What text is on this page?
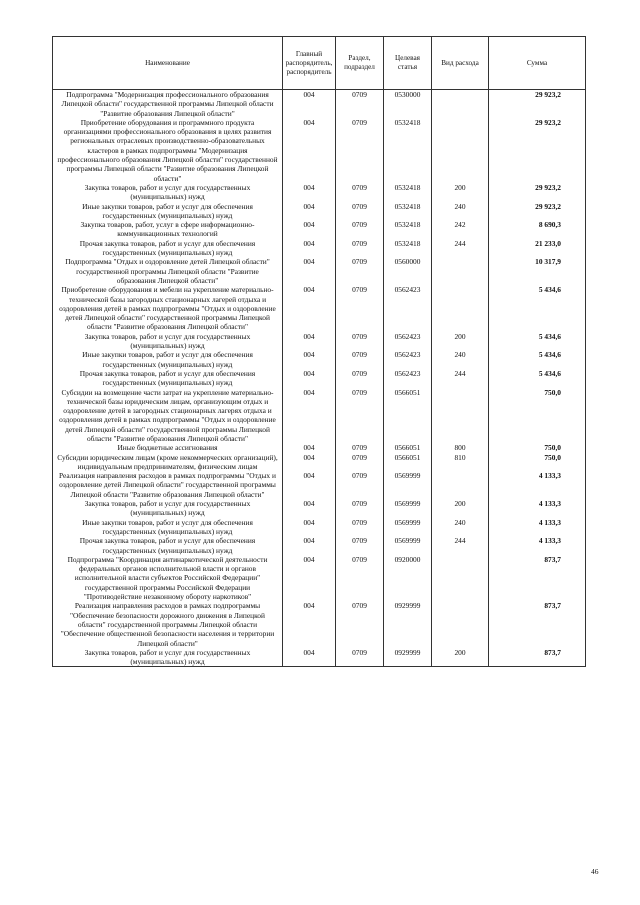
Наименование	Главный распорядитель, распорядитель	Раздел, подраздел	Целевая статья	Вид расхода	Сумма
Подпрограмма "Модернизация профессионального образования Липецкой области" государственной программы Липецкой области "Развитие образования Липецкой области"	004	0709	0530000		29 923,2
Приобретение оборудования и программного продукта организациями профессионального образования в целях развития региональных отраслевых производственно-образовательных кластеров в рамках подпрограммы "Модернизация профессионального образования Липецкой области" государственной программы Липецкой области "Развитие образования Липецкой области"	004	0709	0532418		29 923,2
Закупка товаров, работ и услуг для государственных (муниципальных) нужд	004	0709	0532418	200	29 923,2
Иные закупки товаров, работ и услуг для обеспечения государственных (муниципальных) нужд	004	0709	0532418	240	29 923,2
Закупка товаров, работ, услуг в сфере информационно-коммуникационных технологий	004	0709	0532418	242	8 690,3
Прочая закупка товаров, работ и услуг для обеспечения государственных (муниципальных) нужд	004	0709	0532418	244	21 233,0
Подпрограмма "Отдых и оздоровление детей Липецкой области" государственной программы Липецкой области "Развитие образования Липецкой области"	004	0709	0560000		10 317,9
Приобретение оборудования и мебели на укрепление материально-технической базы загородных стационарных лагерей отдыха и оздоровления детей в рамках подпрограммы "Отдых и оздоровление детей Липецкой области" государственной программы Липецкой области "Развитие образования Липецкой области"	004	0709	0562423		5 434,6
Закупка товаров, работ и услуг для государственных (муниципальных) нужд	004	0709	0562423	200	5 434,6
Иные закупки товаров, работ и услуг для обеспечения государственных (муниципальных) нужд	004	0709	0562423	240	5 434,6
Прочая закупка товаров, работ и услуг для обеспечения государственных (муниципальных) нужд	004	0709	0562423	244	5 434,6
Субсидии на возмещение части затрат на укрепление материально-технической базы юридическим лицам, организующим отдых и оздоровление детей в загородных стационарных лагерях отдыха и оздоровления детей в рамках подпрограммы "Отдых и оздоровление детей Липецкой области" государственной программы Липецкой области "Развитие образования Липецкой области"	004	0709	0566051		750,0
Иные бюджетные ассигнования	004	0709	0566051	800	750,0
Субсидии юридическим лицам (кроме некоммерческих организаций), индивидуальным предпринимателям, физическим лицам	004	0709	0566051	810	750,0
Реализация направления расходов в рамках подпрограммы "Отдых и оздоровление детей Липецкой области" государственной программы Липецкой области "Развитие образования Липецкой области"	004	0709	0569999		4 133,3
Закупка товаров, работ и услуг для государственных (муниципальных) нужд	004	0709	0569999	200	4 133,3
Иные закупки товаров, работ и услуг для обеспечения государственных (муниципальных) нужд	004	0709	0569999	240	4 133,3
Прочая закупка товаров, работ и услуг для обеспечения государственных (муниципальных) нужд	004	0709	0569999	244	4 133,3
Подпрограмма "Координация антинаркотической деятельности федеральных органов исполнительной власти и органов исполнительной власти субъектов Российской Федерации" государственной программы Российской Федерации "Противодействие незаконному обороту наркотиков"	004	0709	0920000		873,7
Реализация направления расходов в рамках подпрограммы "Обеспечение безопасности дорожного движения в Липецкой области" государственной программы Липецкой области "Обеспечение общественной безопасности населения и территории Липецкой области"	004	0709	0929999		873,7
Закупка товаров, работ и услуг для государственных (муниципальных) нужд	004	0709	0929999	200	873,7
46
